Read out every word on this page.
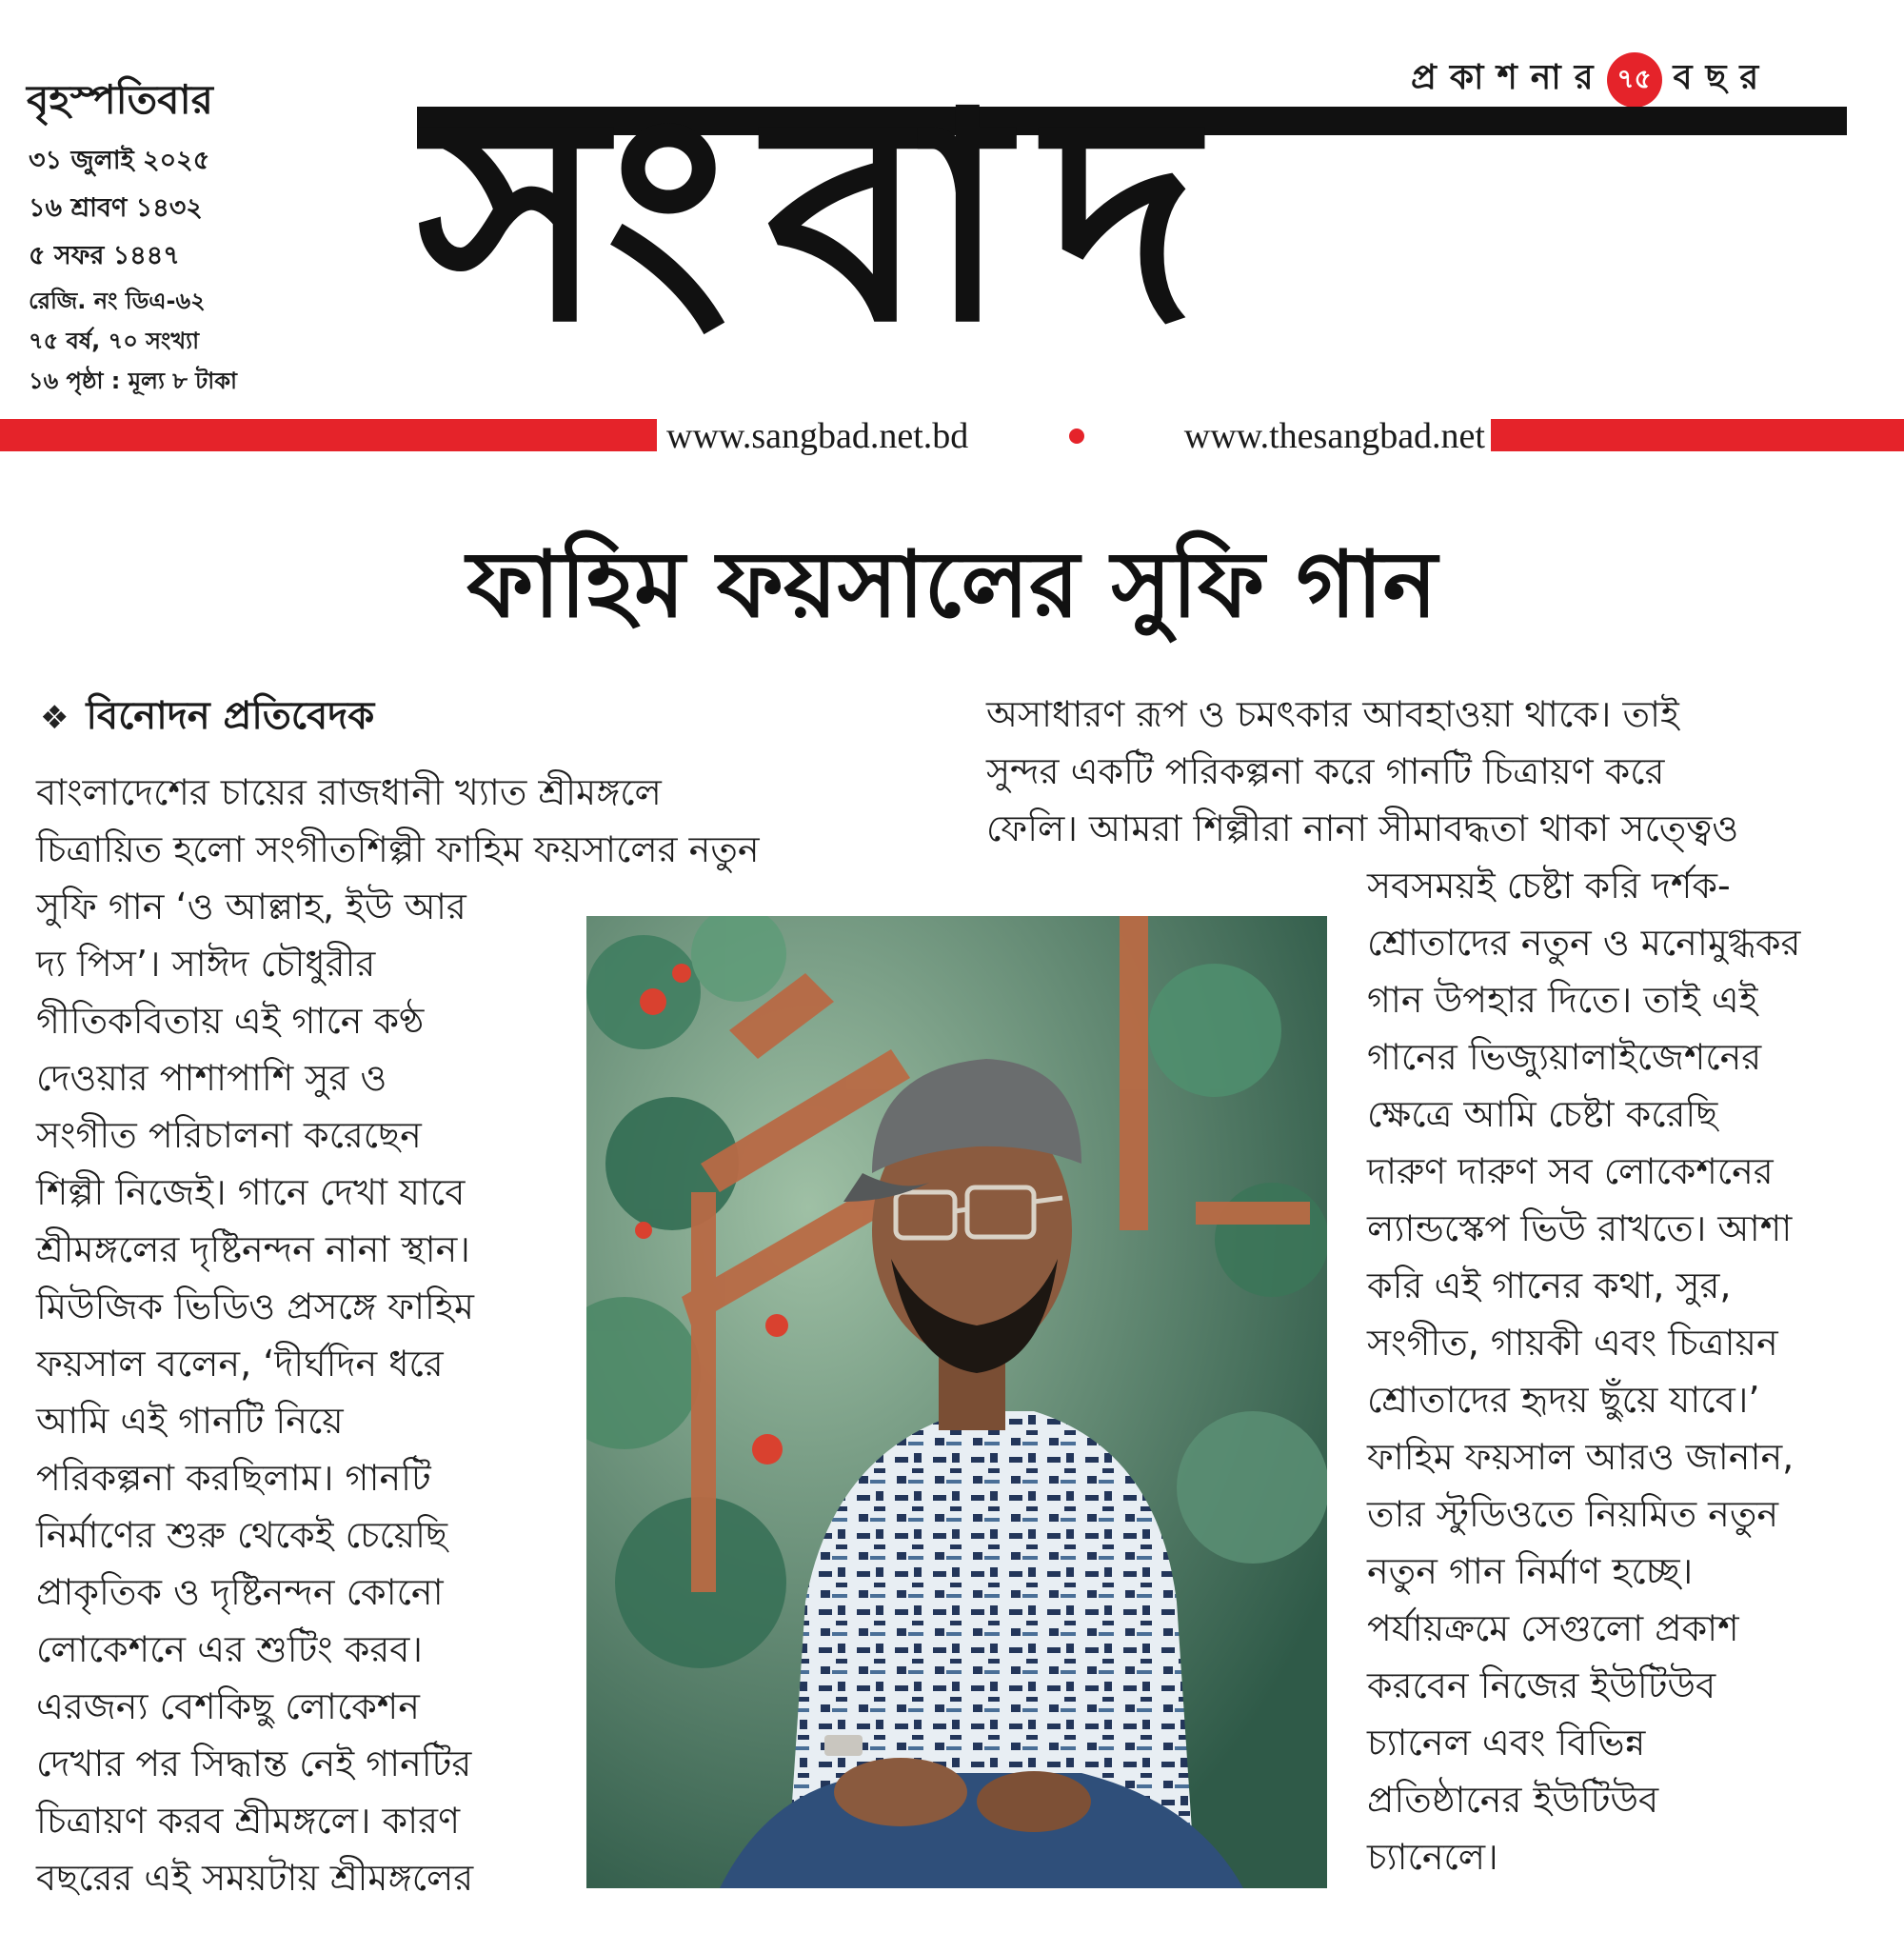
বৃহস্পতিবার
৩১ জুলাই ২০২৫
১৬ শ্রাবণ ১৪৩২
৫ সফর ১৪৪৭
রেজি. নং ডিএ-৬২
৭৫ বর্ষ, ৭০ সংখ্যা
১৬ পৃষ্ঠা : মূল্য ৮ টাকা
প্রকাশনার ৭৫ বছর
সংবাদ
www.sangbad.net.bd	www.thesangbad.net
ফাহিম ফয়সালের সুফি গান
❖ বিনোদন প্রতিবেদক

বাংলাদেশের চায়ের রাজধানী খ্যাত শ্রীমঙ্গলে

চিত্রায়িত হলো সংগীতশিল্পী ফাহিম ফয়সালের নতুন

সুফি গান ‘ও আল্লাহ, ইউ আর

দ্য পিস’। সাঈদ চৌধুরীর

গীতিকবিতায় এই গানে কণ্ঠ

দেওয়ার পাশাপাশি সুর ও

সংগীত পরিচালনা করেছেন

শিল্পী নিজেই। গানে দেখা যাবে

শ্রীমঙ্গলের দৃষ্টিনন্দন নানা স্থান।

মিউজিক ভিডিও প্রসঙ্গে ফাহিম

ফয়সাল বলেন, ‘দীর্ঘদিন ধরে

আমি এই গানটি নিয়ে

পরিকল্পনা করছিলাম। গানটি

নির্মাণের শুরু থেকেই চেয়েছি

প্রাকৃতিক ও দৃষ্টিনন্দন কোনো

লোকেশনে এর শুটিং করব।

এরজন্য বেশকিছু লোকেশন

দেখার পর সিদ্ধান্ত নেই গানটির

চিত্রায়ণ করব শ্রীমঙ্গলে। কারণ

বছরের এই সময়টায় শ্রীমঙ্গলের

অসাধারণ রূপ ও চমৎকার আবহাওয়া থাকে। তাই

সুন্দর একটি পরিকল্পনা করে গানটি চিত্রায়ণ করে

ফেলি। আমরা শিল্পীরা নানা সীমাবদ্ধতা থাকা সত্ত্বেও

সবসময়ই চেষ্টা করি দর্শক-

শ্রোতাদের নতুন ও মনোমুগ্ধকর

গান উপহার দিতে। তাই এই

গানের ভিজ্যুয়ালাইজেশনের

ক্ষেত্রে আমি চেষ্টা করেছি

দারুণ দারুণ সব লোকেশনের

ল্যান্ডস্কেপ ভিউ রাখতে। আশা

করি এই গানের কথা, সুর,

সংগীত, গায়কী এবং চিত্রায়ন

শ্রোতাদের হৃদয় ছুঁয়ে যাবে।’

ফাহিম ফয়সাল আরও জানান,

তার স্টুডিওতে নিয়মিত নতুন

নতুন গান নির্মাণ হচ্ছে।

পর্যায়ক্রমে সেগুলো প্রকাশ

করবেন নিজের ইউটিউব

চ্যানেল এবং বিভিন্ন

প্রতিষ্ঠানের ইউটিউব

চ্যানেলে।
